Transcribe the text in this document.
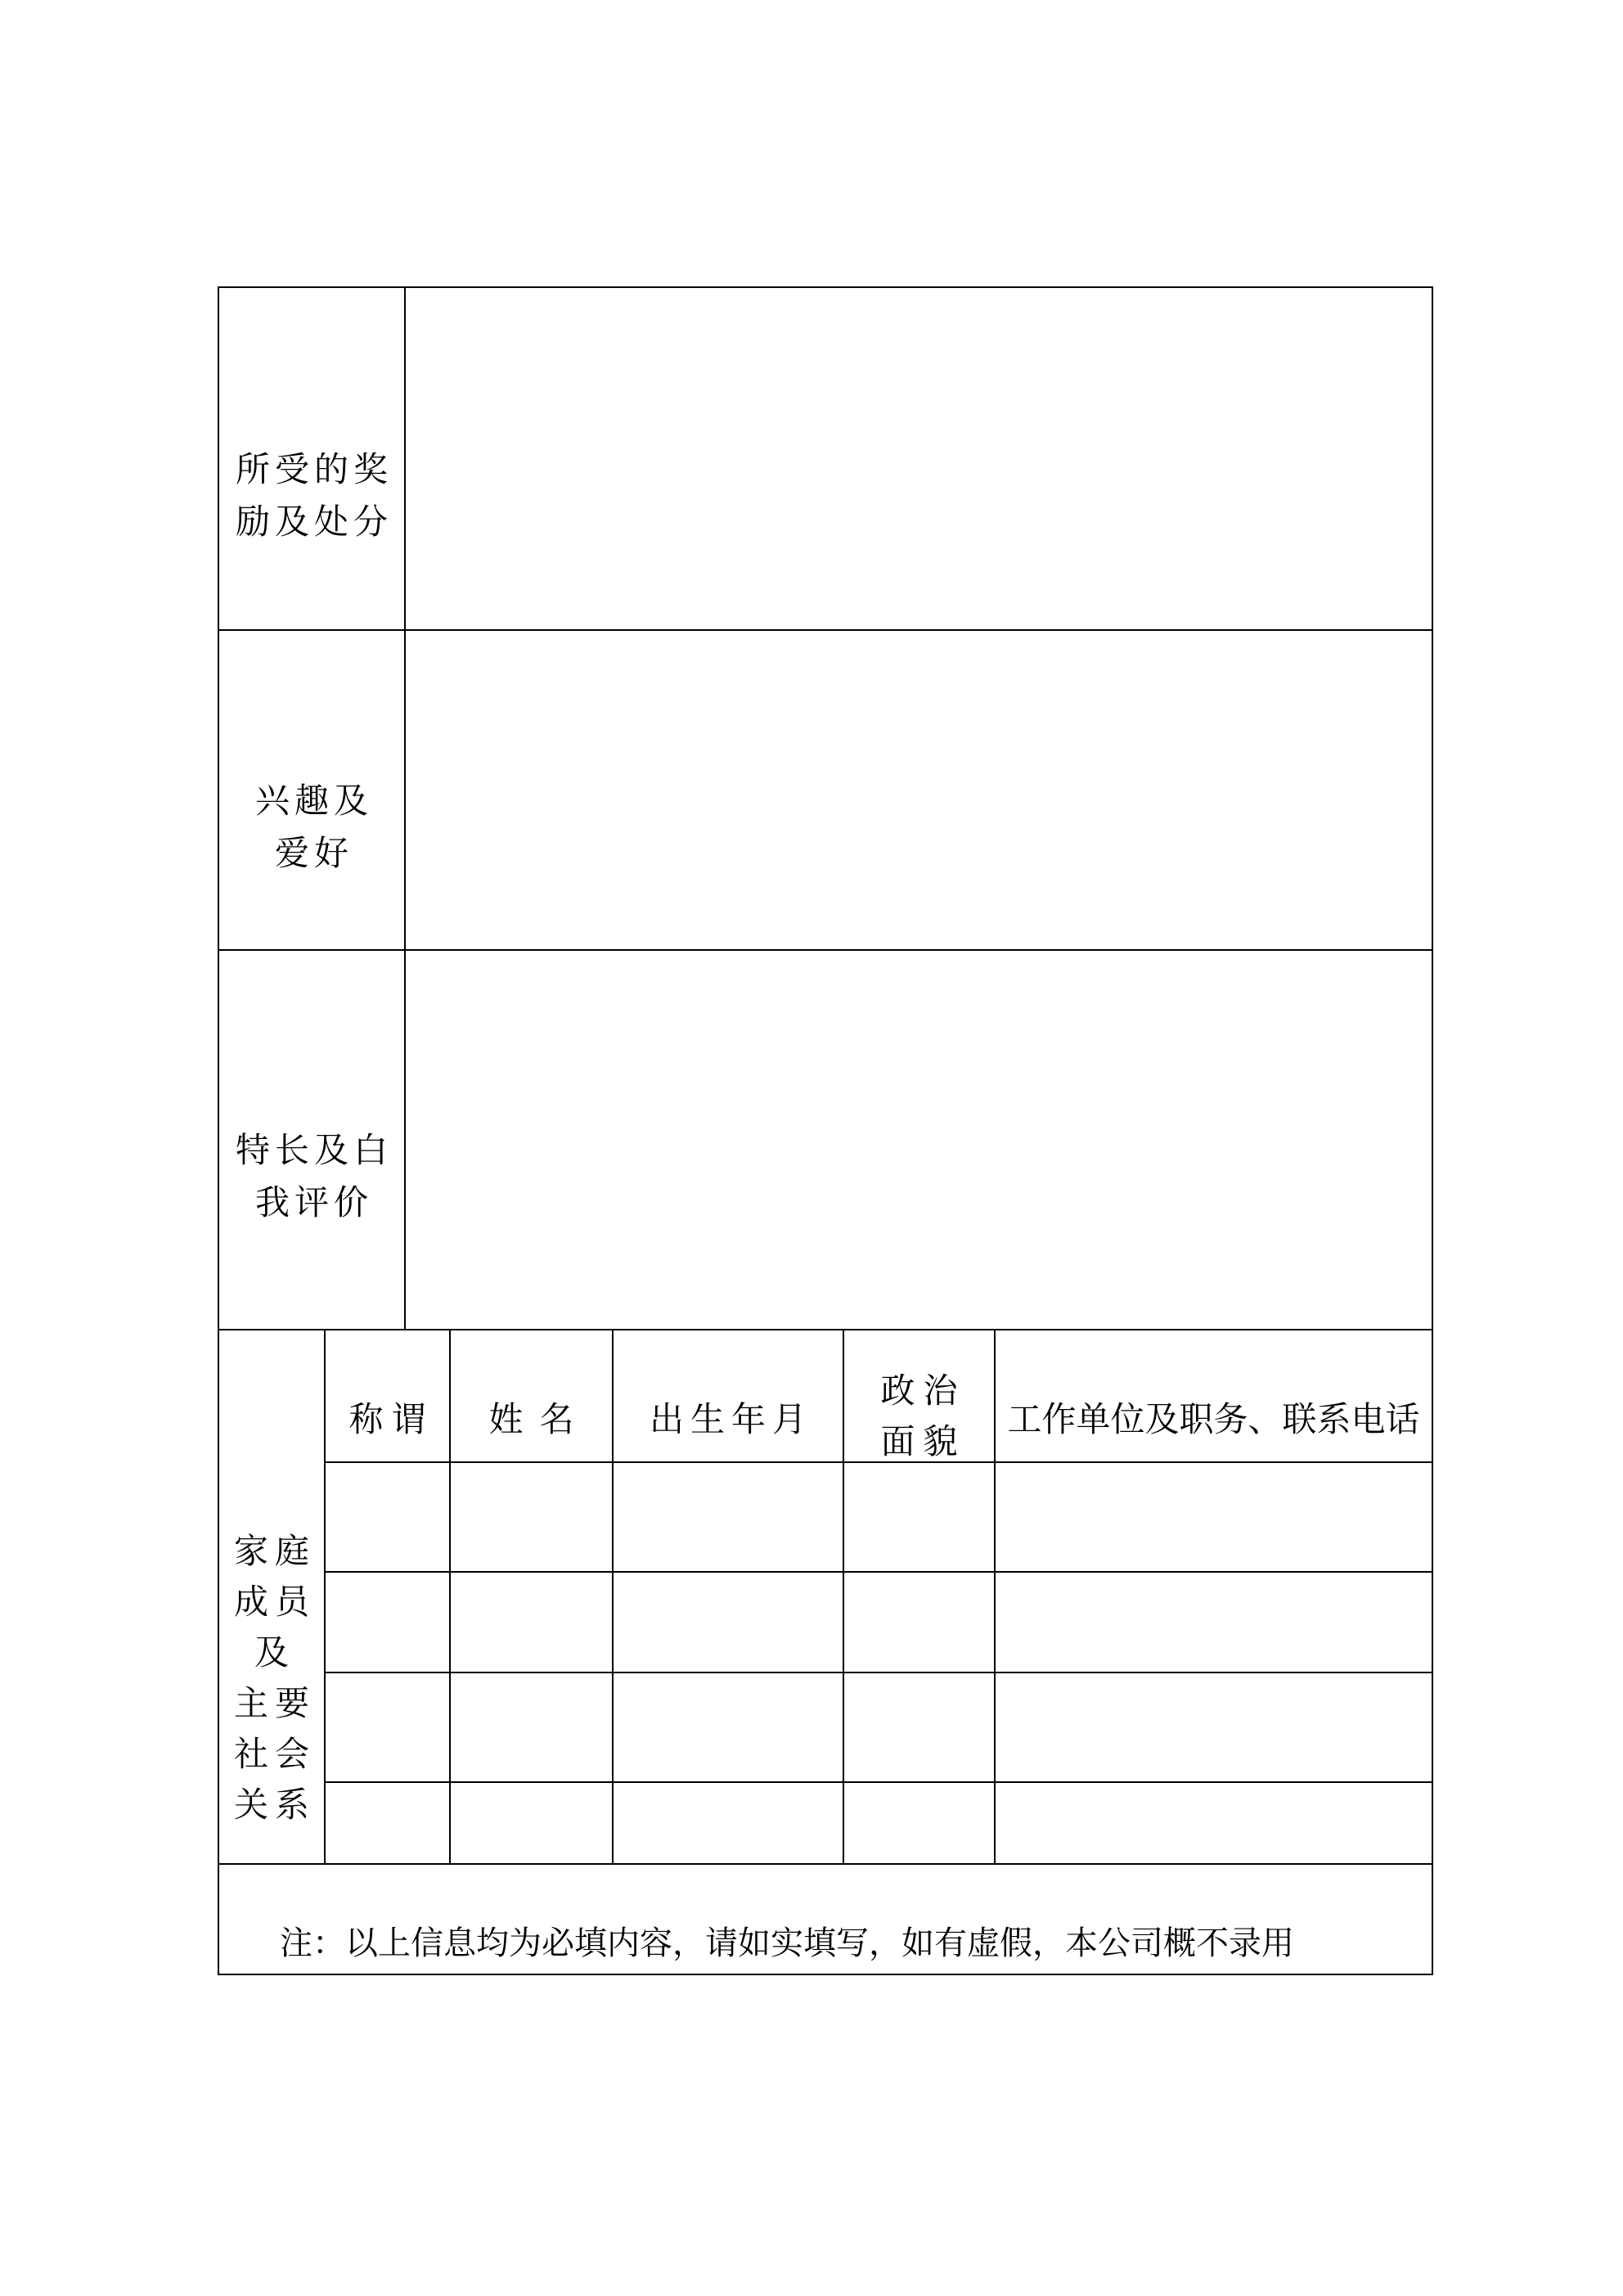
所受的奖
励及处分
兴趣及
爱好
特长及白
我评价
家庭
成员
及
主要
社会
关系
称谓	姓名 出生年月
政治
面貌
工作单位及职务、联系电话
注：以上信息均为必填内容，请如实填写，如有虚假，本公司概不录用
